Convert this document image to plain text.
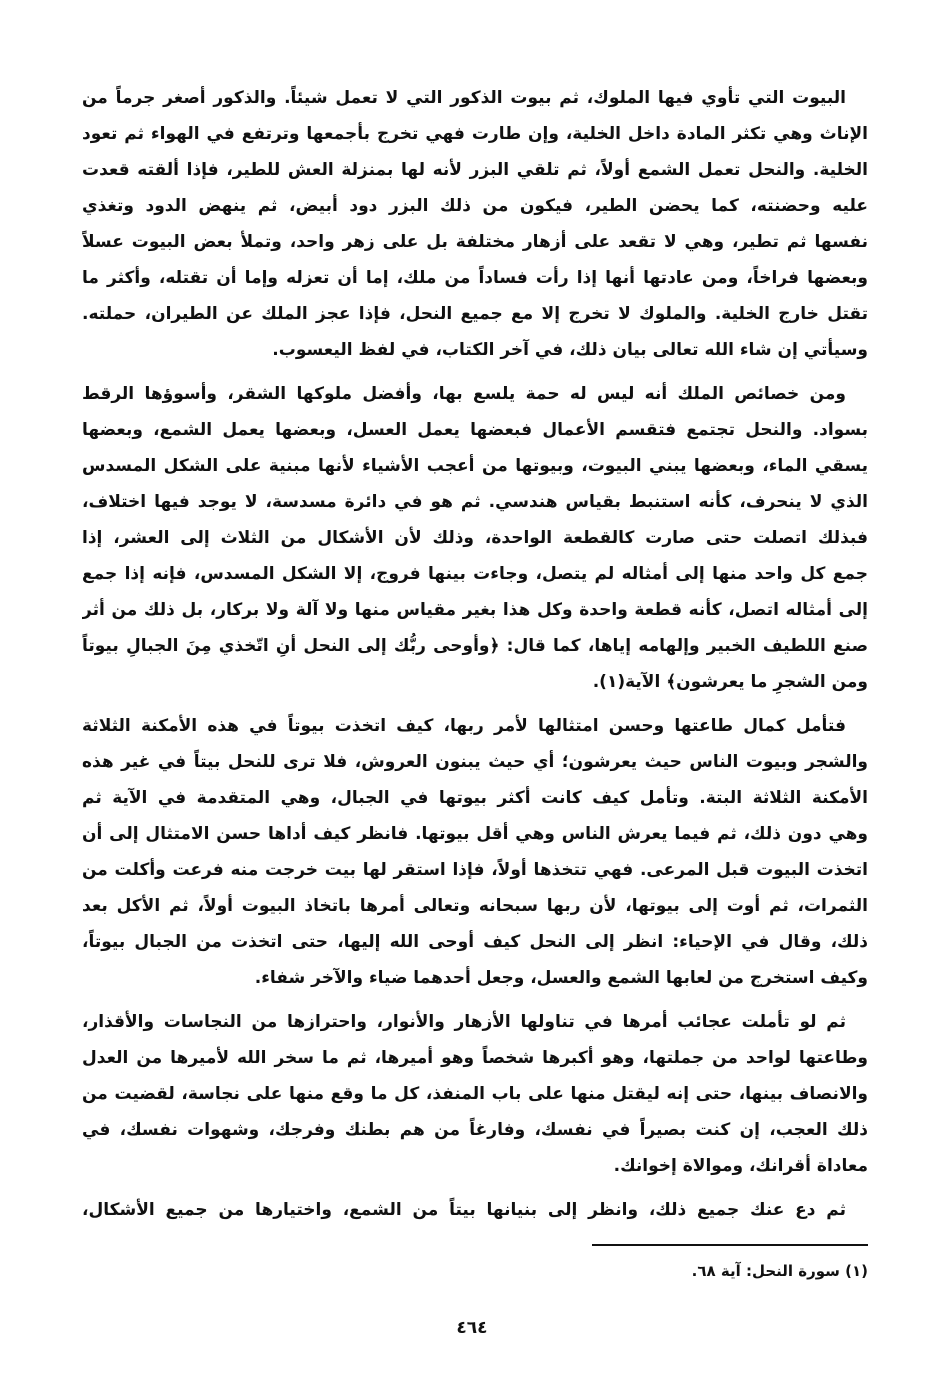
البيوت التي تأوي فيها الملوك، ثم بيوت الذكور التي لا تعمل شيئاً. والذكور أصغر جرماً من
الإناث وهي تكثر المادة داخل الخلية، وإن طارت فهي تخرج بأجمعها وترتفع في الهواء ثم تعود
الخلية. والنحل تعمل الشمع أولاً، ثم تلقي البزر لأنه لها بمنزلة العش للطير، فإذا ألقته قعدت
عليه وحضنته، كما يحضن الطير، فيكون من ذلك البزر دود أبيض، ثم ينهض الدود وتغذي
نفسها ثم تطير، وهي لا تقعد على أزهار مختلفة بل على زهر واحد، وتملأ بعض البيوت عسلاً
وبعضها فراخاً، ومن عادتها أنها إذا رأت فساداً من ملك، إما أن تعزله وإما أن تقتله، وأكثر ما
تقتل خارج الخلية. والملوك لا تخرج إلا مع جميع النحل، فإذا عجز الملك عن الطيران، حملته.
وسيأتي إن شاء الله تعالى بيان ذلك، في آخر الكتاب، في لفظ اليعسوب.
ومن خصائص الملك أنه ليس له حمة يلسع بها، وأفضل ملوكها الشقر، وأسوؤها الرقط
بسواد. والنحل تجتمع فتقسم الأعمال فبعضها يعمل العسل، وبعضها يعمل الشمع، وبعضها
يسقي الماء، وبعضها يبني البيوت، وبيوتها من أعجب الأشياء لأنها مبنية على الشكل المسدس
الذي لا ينحرف، كأنه استنبط بقياس هندسي. ثم هو في دائرة مسدسة، لا يوجد فيها اختلاف،
فبذلك اتصلت حتى صارت كالقطعة الواحدة، وذلك لأن الأشكال من الثلاث إلى العشر، إذا
جمع كل واحد منها إلى أمثاله لم يتصل، وجاءت بينها فروج، إلا الشكل المسدس، فإنه إذا جمع
إلى أمثاله اتصل، كأنه قطعة واحدة وكل هذا بغير مقياس منها ولا آلة ولا بركار، بل ذلك من أثر
صنع اللطيف الخبير وإلهامه إياها، كما قال: ﴿وأوحى ربُّك إلى النحل أنِ اتّخذي مِنَ الجبالِ بيوتاً
ومن الشجرِ ما يعرشون﴾ الآية(١).
فتأمل كمال طاعتها وحسن امتثالها لأمر ربها، كيف اتخذت بيوتاً في هذه الأمكنة الثلاثة
والشجر وبيوت الناس حيث يعرشون؛ أي حيث يبنون العروش، فلا ترى للنحل بيتاً في غير هذه
الأمكنة الثلاثة البتة. وتأمل كيف كانت أكثر بيوتها في الجبال، وهي المتقدمة في الآية ثم
وهي دون ذلك، ثم فيما يعرش الناس وهي أقل بيوتها. فانظر كيف أداها حسن الامتثال إلى أن
اتخذت البيوت قبل المرعى. فهي تتخذها أولاً، فإذا استقر لها بيت خرجت منه فرعت وأكلت من
الثمرات، ثم أوت إلى بيوتها، لأن ربها سبحانه وتعالى أمرها باتخاذ البيوت أولاً، ثم الأكل بعد
ذلك، وقال في الإحياء: انظر إلى النحل كيف أوحى الله إليها، حتى اتخذت من الجبال بيوتاً،
وكيف استخرج من لعابها الشمع والعسل، وجعل أحدهما ضياء والآخر شفاء.
ثم لو تأملت عجائب أمرها في تناولها الأزهار والأنوار، واحترازها من النجاسات والأقذار،
وطاعتها لواحد من جملتها، وهو أكبرها شخصاً وهو أميرها، ثم ما سخر الله لأميرها من العدل
والانصاف بينها، حتى إنه ليقتل منها على باب المنفذ، كل ما وقع منها على نجاسة، لقضيت من
ذلك العجب، إن كنت بصيراً في نفسك، وفارغاً من هم بطنك وفرجك، وشهوات نفسك، في
معاداة أقرانك، وموالاة إخوانك.
ثم دع عنك جميع ذلك، وانظر إلى بنيانها بيتاً من الشمع، واختيارها من جميع الأشكال،
(١) سورة النحل: آية ٦٨.
٤٦٤
